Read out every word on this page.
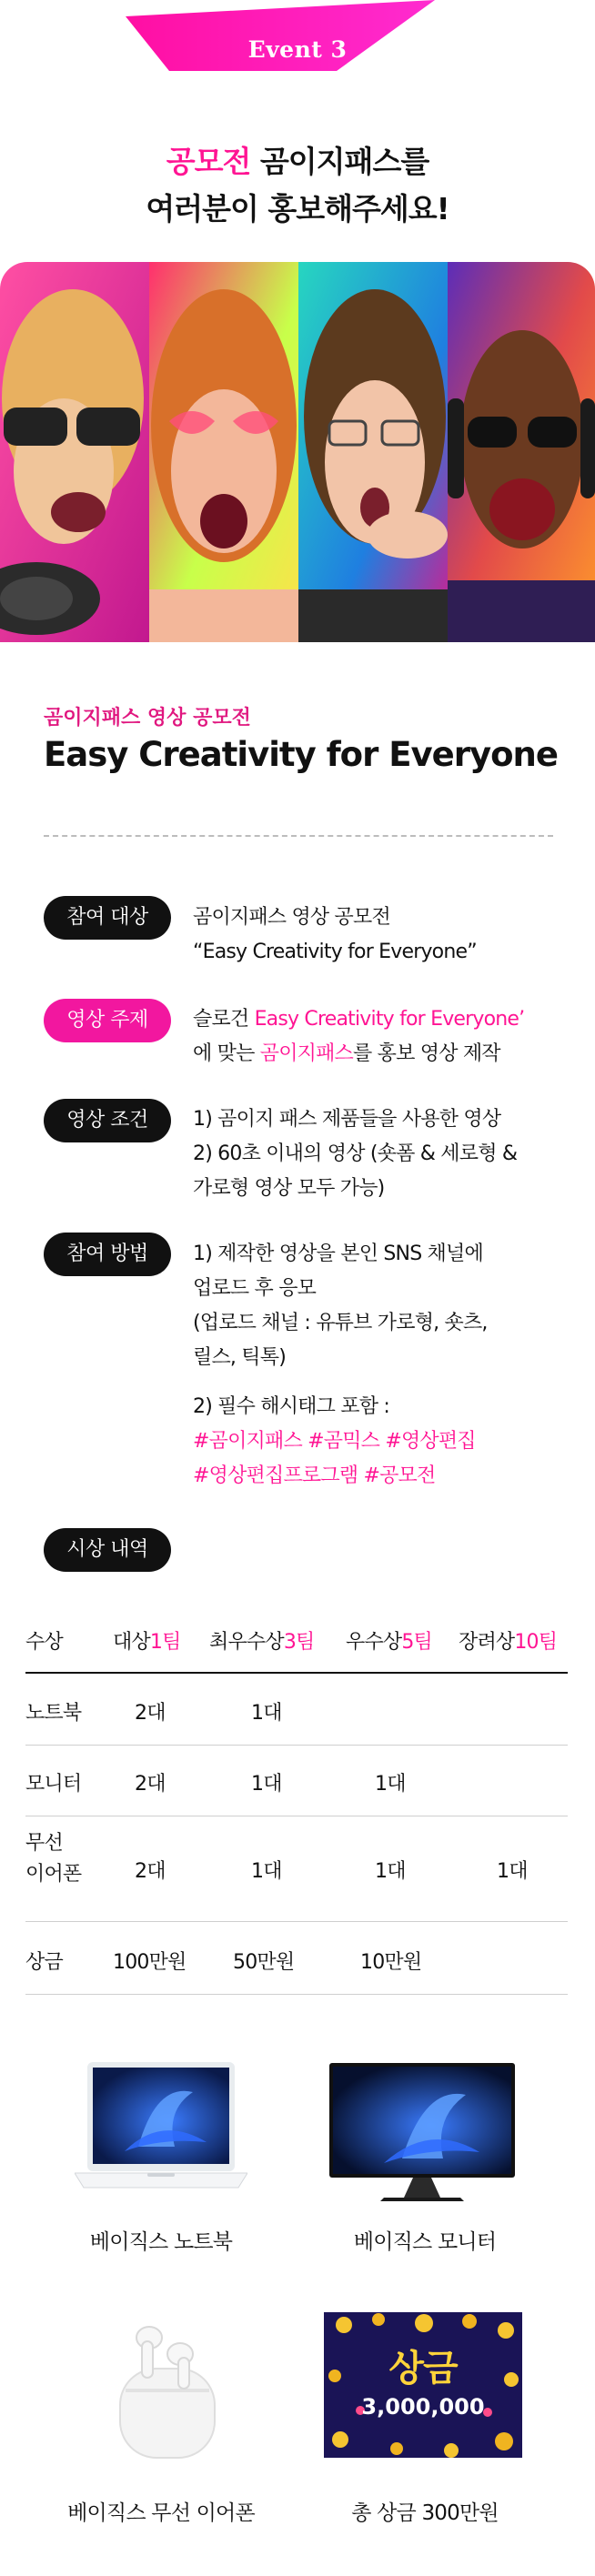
Event 3
공모전 곰이지패스를
여러분이 홍보해주세요!
곰이지패스 영상 공모전
Easy Creativity for Everyone
참여 대상	곰이지패스 영상 공모전
“Easy Creativity for Everyone”
영상 주제	슬로건 Easy Creativity for Everyone’
에 맞는 곰이지패스를 홍보 영상 제작
영상 조건	1) 곰이지 패스 제품들을 사용한 영상
2) 60초 이내의 영상 (숏폼 & 세로형 &
가로형 영상 모두 가능)
참여 방법	1) 제작한 영상을 본인 SNS 채널에
업로드 후 응모
(업로드 채널 : 유튜브 가로형, 숏츠,
릴스, 틱톡)
2) 필수 해시태그 포함 :
#곰이지패스 #곰믹스 #영상편집
#영상편집프로그램 #공모전
시상 내역
수상	대상1팀 최우수상3팀 우수상5팀 장려상10팀
노트북	2대	1대
모니터	2대	1대	1대
무선
이어폰	2대	1대	1대	1대
상금	100만원 50만원	10만원
베이직스 노트북	베이직스 모니터
베이직스 무선 이어폰
상금
3,000,000
총 상금 300만원
